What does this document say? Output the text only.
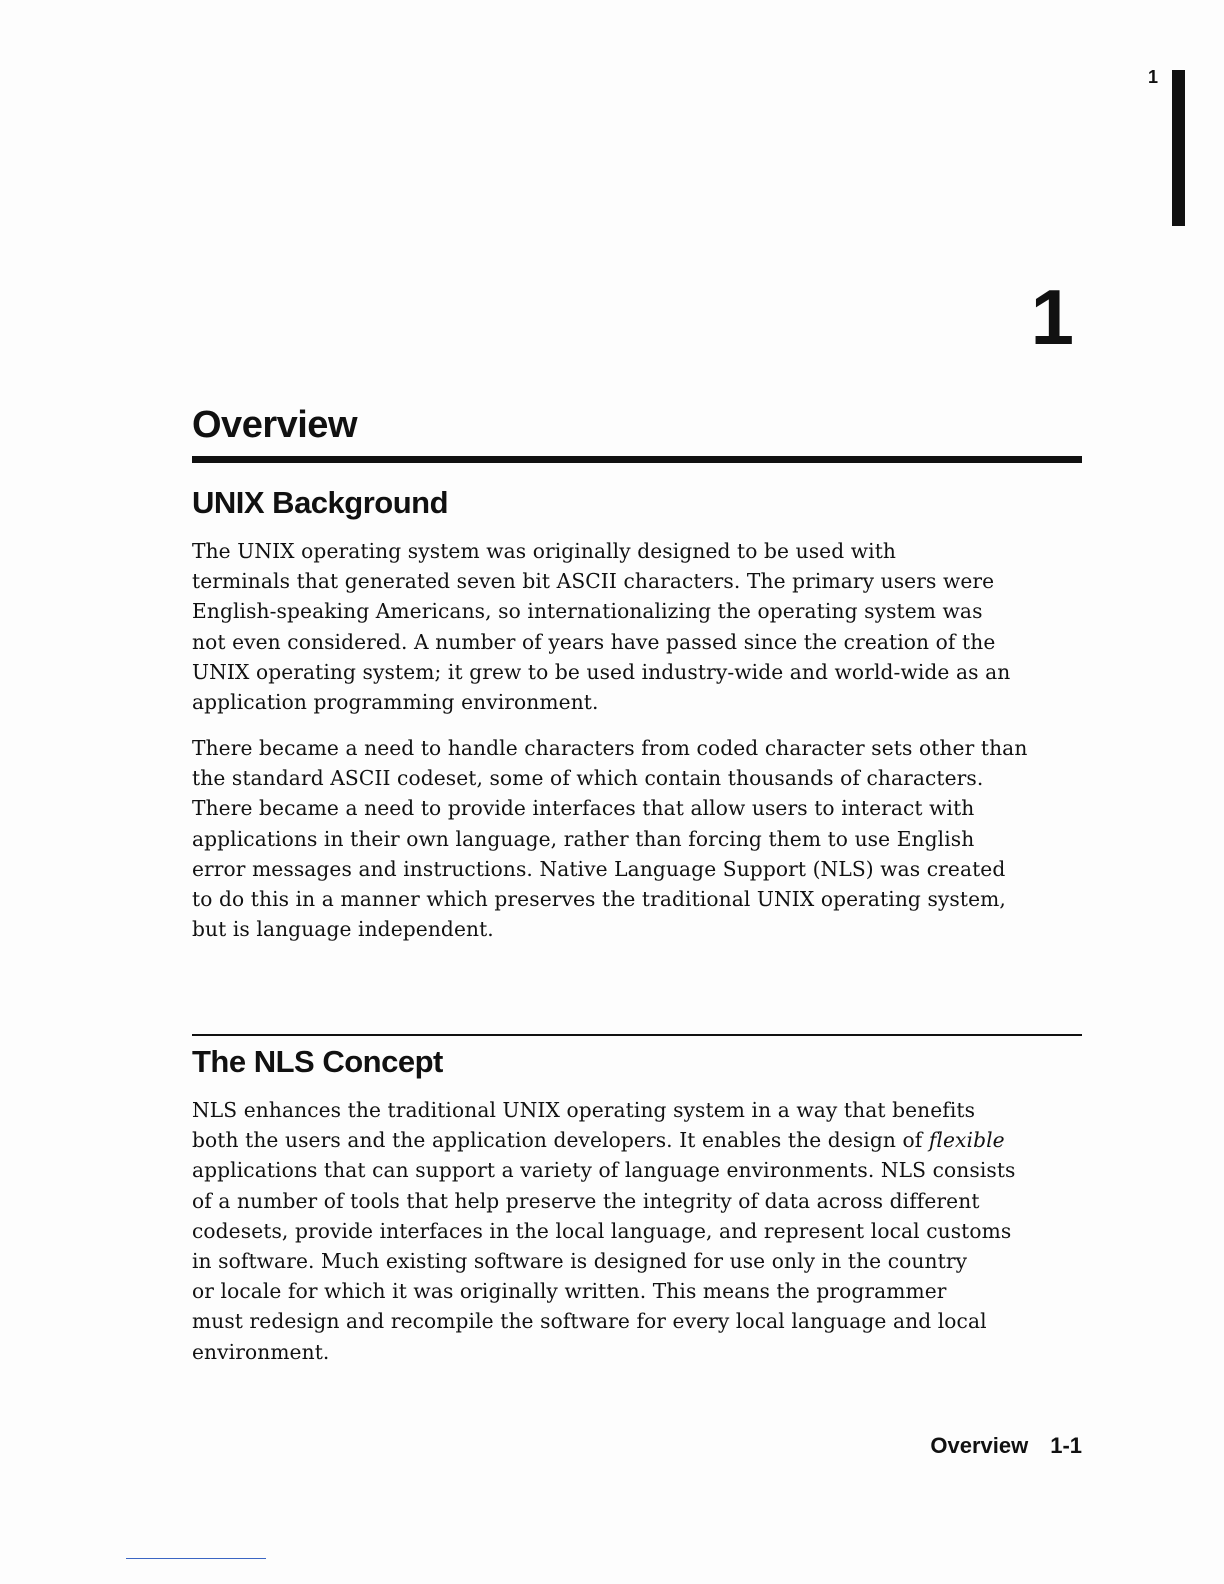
1
1
Overview
UNIX Background
The UNIX operating system was originally designed to be used with
terminals that generated seven bit ASCII characters. The primary users were
English-speaking Americans, so internationalizing the operating system was
not even considered. A number of years have passed since the creation of the
UNIX operating system; it grew to be used industry-wide and world-wide as an
application programming environment.
There became a need to handle characters from coded character sets other than
the standard ASCII codeset, some of which contain thousands of characters.
There became a need to provide interfaces that allow users to interact with
applications in their own language, rather than forcing them to use English
error messages and instructions. Native Language Support (NLS) was created
to do this in a manner which preserves the traditional UNIX operating system,
but is language independent.
The NLS Concept
NLS enhances the traditional UNIX operating system in a way that benefits
both the users and the application developers. It enables the design of flexible
applications that can support a variety of language environments. NLS consists
of a number of tools that help preserve the integrity of data across different
codesets, provide interfaces in the local language, and represent local customs
in software. Much existing software is designed for use only in the country
or locale for which it was originally written. This means the programmer
must redesign and recompile the software for every local language and local
environment.
Overview 1-1
